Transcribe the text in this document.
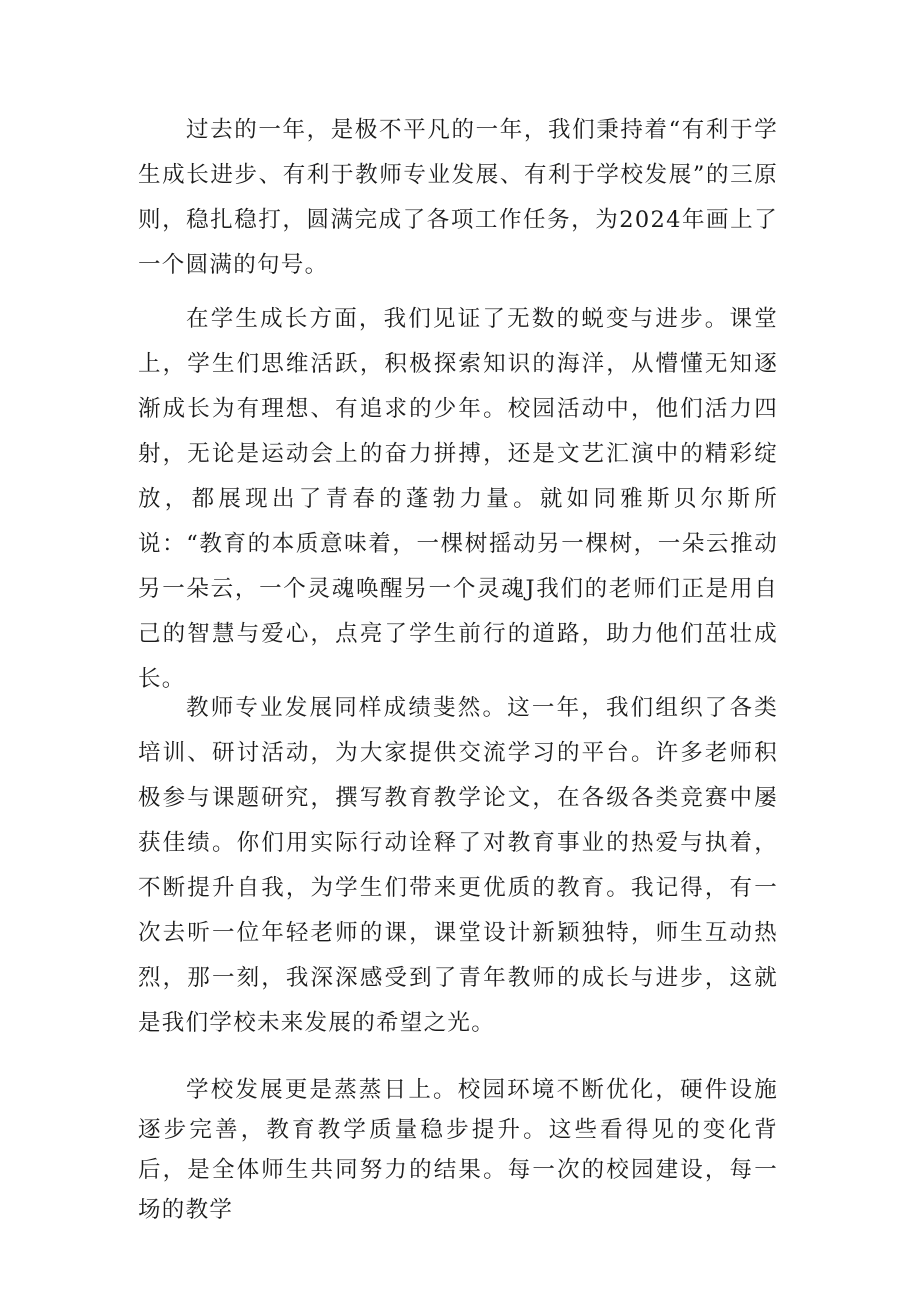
过去的一年，是极不平凡的一年，我们秉持着“有利于学生成长进步、有利于教师专业发展、有利于学校发展”的三原则，稳扎稳打，圆满完成了各项工作任务，为2024年画上了一个圆满的句号。

在学生成长方面，我们见证了无数的蜕变与进步。课堂上，学生们思维活跃，积极探索知识的海洋，从懵懂无知逐渐成长为有理想、有追求的少年。校园活动中，他们活力四射，无论是运动会上的奋力拼搏，还是文艺汇演中的精彩绽放，都展现出了青春的蓬勃力量。就如同雅斯贝尔斯所说：“教育的本质意味着，一棵树摇动另一棵树，一朵云推动另一朵云，一个灵魂唤醒另一个灵魂J我们的老师们正是用自己的智慧与爱心，点亮了学生前行的道路，助力他们茁壮成长。

教师专业发展同样成绩斐然。这一年，我们组织了各类培训、研讨活动，为大家提供交流学习的平台。许多老师积极参与课题研究，撰写教育教学论文，在各级各类竞赛中屡获佳绩。你们用实际行动诠释了对教育事业的热爱与执着，不断提升自我，为学生们带来更优质的教育。我记得，有一次去听一位年轻老师的课，课堂设计新颖独特，师生互动热烈，那一刻，我深深感受到了青年教师的成长与进步，这就是我们学校未来发展的希望之光。

学校发展更是蒸蒸日上。校园环境不断优化，硬件设施逐步完善，教育教学质量稳步提升。这些看得见的变化背后，是全体师生共同努力的结果。每一次的校园建设，每一场的教学
